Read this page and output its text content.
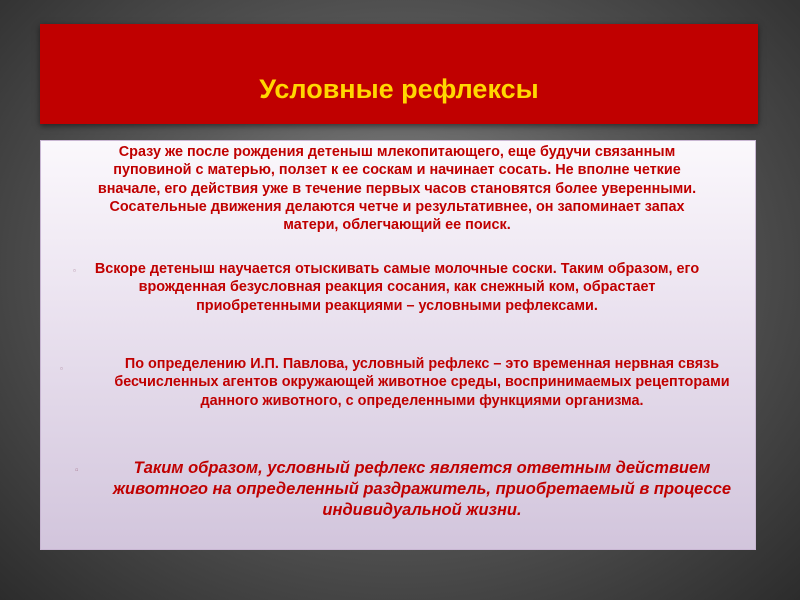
Условные рефлексы

Сразу же после рождения детеныш млекопитающего, еще будучи связанным пуповиной с матерью, ползет к ее соскам и начинает сосать. Не вполне четкие вначале, его действия уже в течение первых часов становятся более уверенными. Сосательные движения делаются четче и результативнее, он запоминает запах матери, облегчающий ее поиск.

▫ Вскоре детеныш научается отыскивать самые молочные соски. Таким образом, его врожденная безусловная реакция сосания, как снежный ком, обрастает приобретенными реакциями – условными рефлексами.

▫	По определению И.П. Павлова, условный рефлекс – это временная нервная связь бесчисленных агентов окружающей животное среды, воспринимаемых рецепторами данного животного, с определенными функциями организма.

▫	Таким образом, условный рефлекс является ответным действием животного на определенный раздражитель, приобретаемый в процессе индивидуальной жизни.
